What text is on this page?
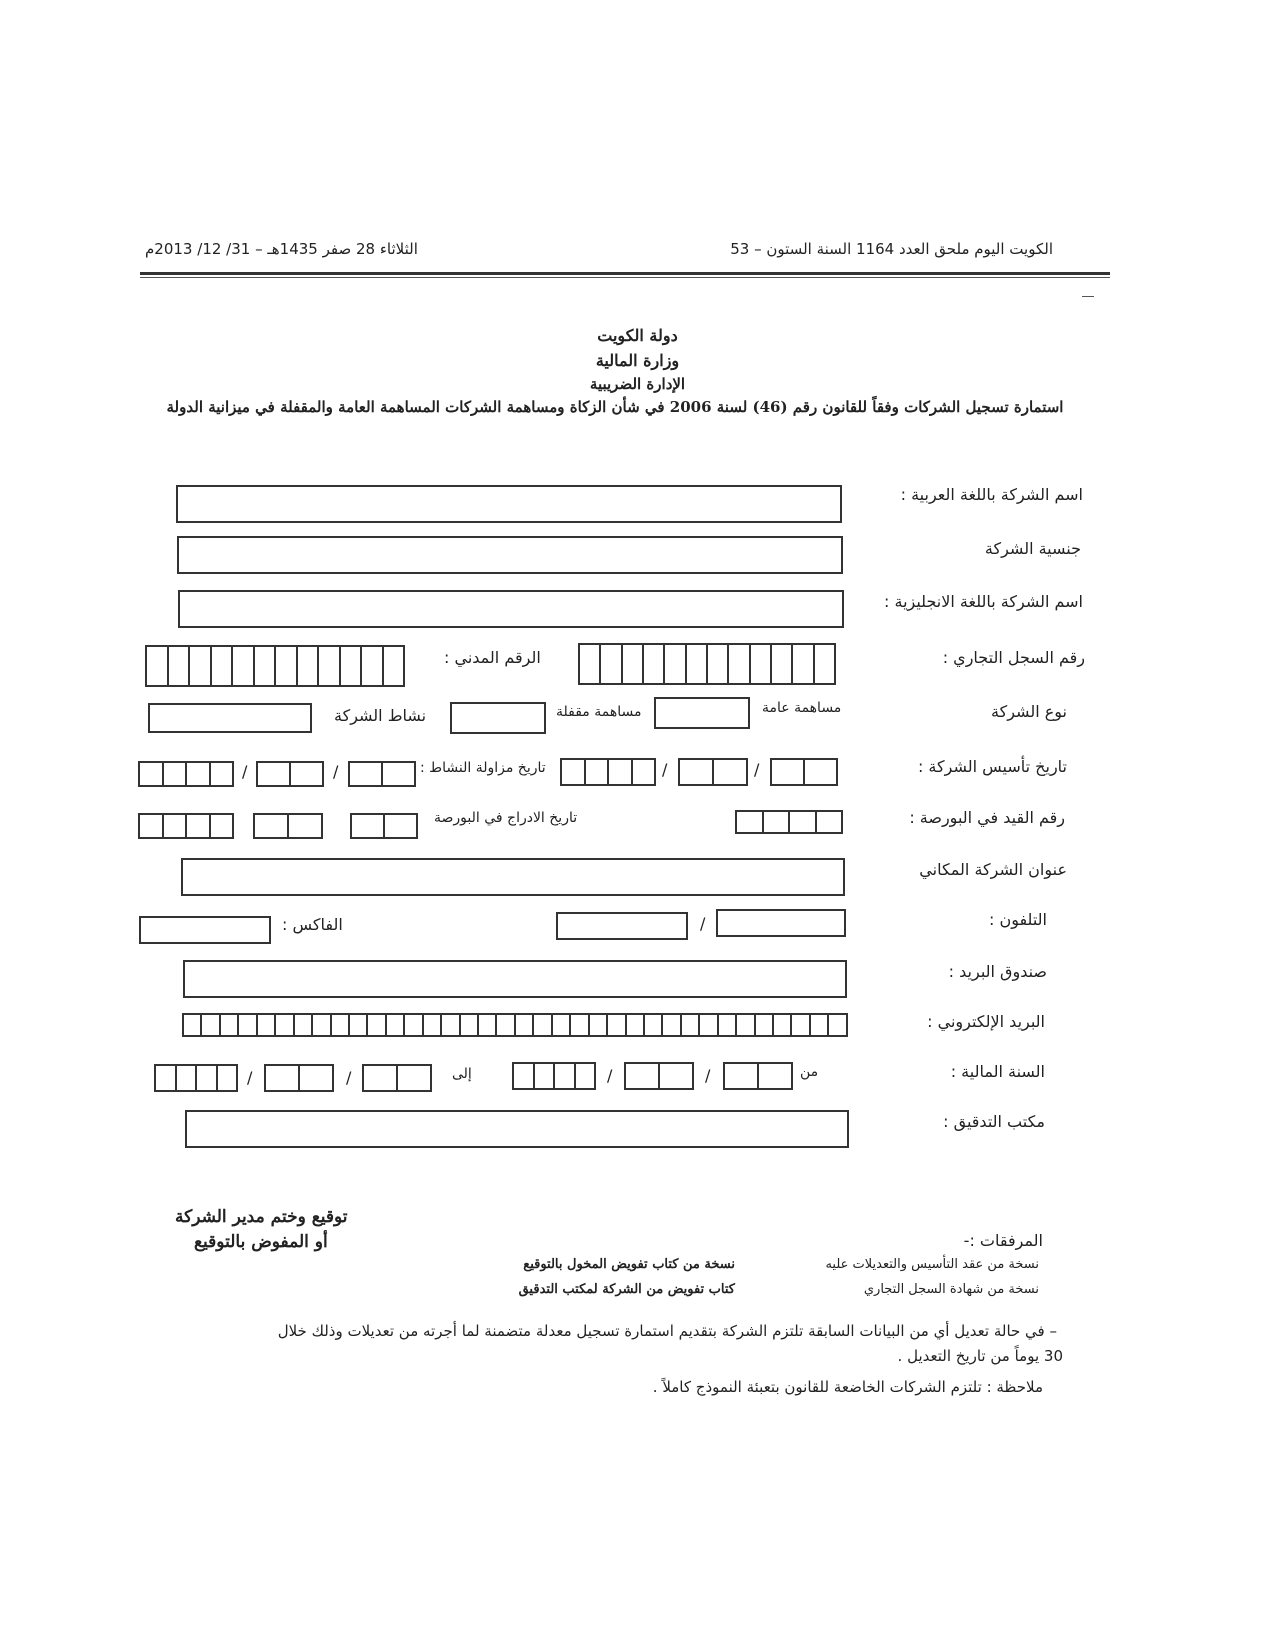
الكويت اليوم ملحق العدد 1164 السنة الستون – 53
الثلاثاء 28 صفر 1435هـ – 31/ 12/ 2013م
دولة الكويت
وزارة المالية
الإدارة الضريبية
استمارة تسجيل الشركات وفقاً للقانون رقم (46) لسنة 2006 في شأن الزكاة ومساهمة الشركات المساهمة العامة والمقفلة في ميزانية الدولة
اسم الشركة باللغة العربية :
جنسية الشركة
اسم الشركة باللغة الانجليزية :
رقم السجل التجاري :
الرقم المدني :
نوع الشركة
مساهمة عامة
مساهمة مقفلة
نشاط الشركة
تاريخ تأسيس الشركة :
/
/
تاريخ مزاولة النشاط :
/
/
رقم القيد في البورصة :
تاريخ الادراج في البورصة
عنوان الشركة المكاني
التلفون :
/
الفاكس :
صندوق البريد :
البريد الإلكتروني :
السنة المالية :
من
/
/
إلى
/
/
مكتب التدقيق :
توقيع وختم مدير الشركة
أو المفوض بالتوقيع	المرفقات :-
نسخة من عقد التأسيس والتعديلات عليه
نسخة من شهادة السجل التجاري
نسخة من كتاب تفويض المخول بالتوقيع
كتاب تفويض من الشركة لمكتب التدقيق
– في حالة تعديل أي من البيانات السابقة تلتزم الشركة بتقديم استمارة تسجيل معدلة متضمنة لما أجرته من تعديلات وذلك خلال
30 يوماً من تاريخ التعديل .
ملاحظة : تلتزم الشركات الخاضعة للقانون بتعبئة النموذج كاملاً .
